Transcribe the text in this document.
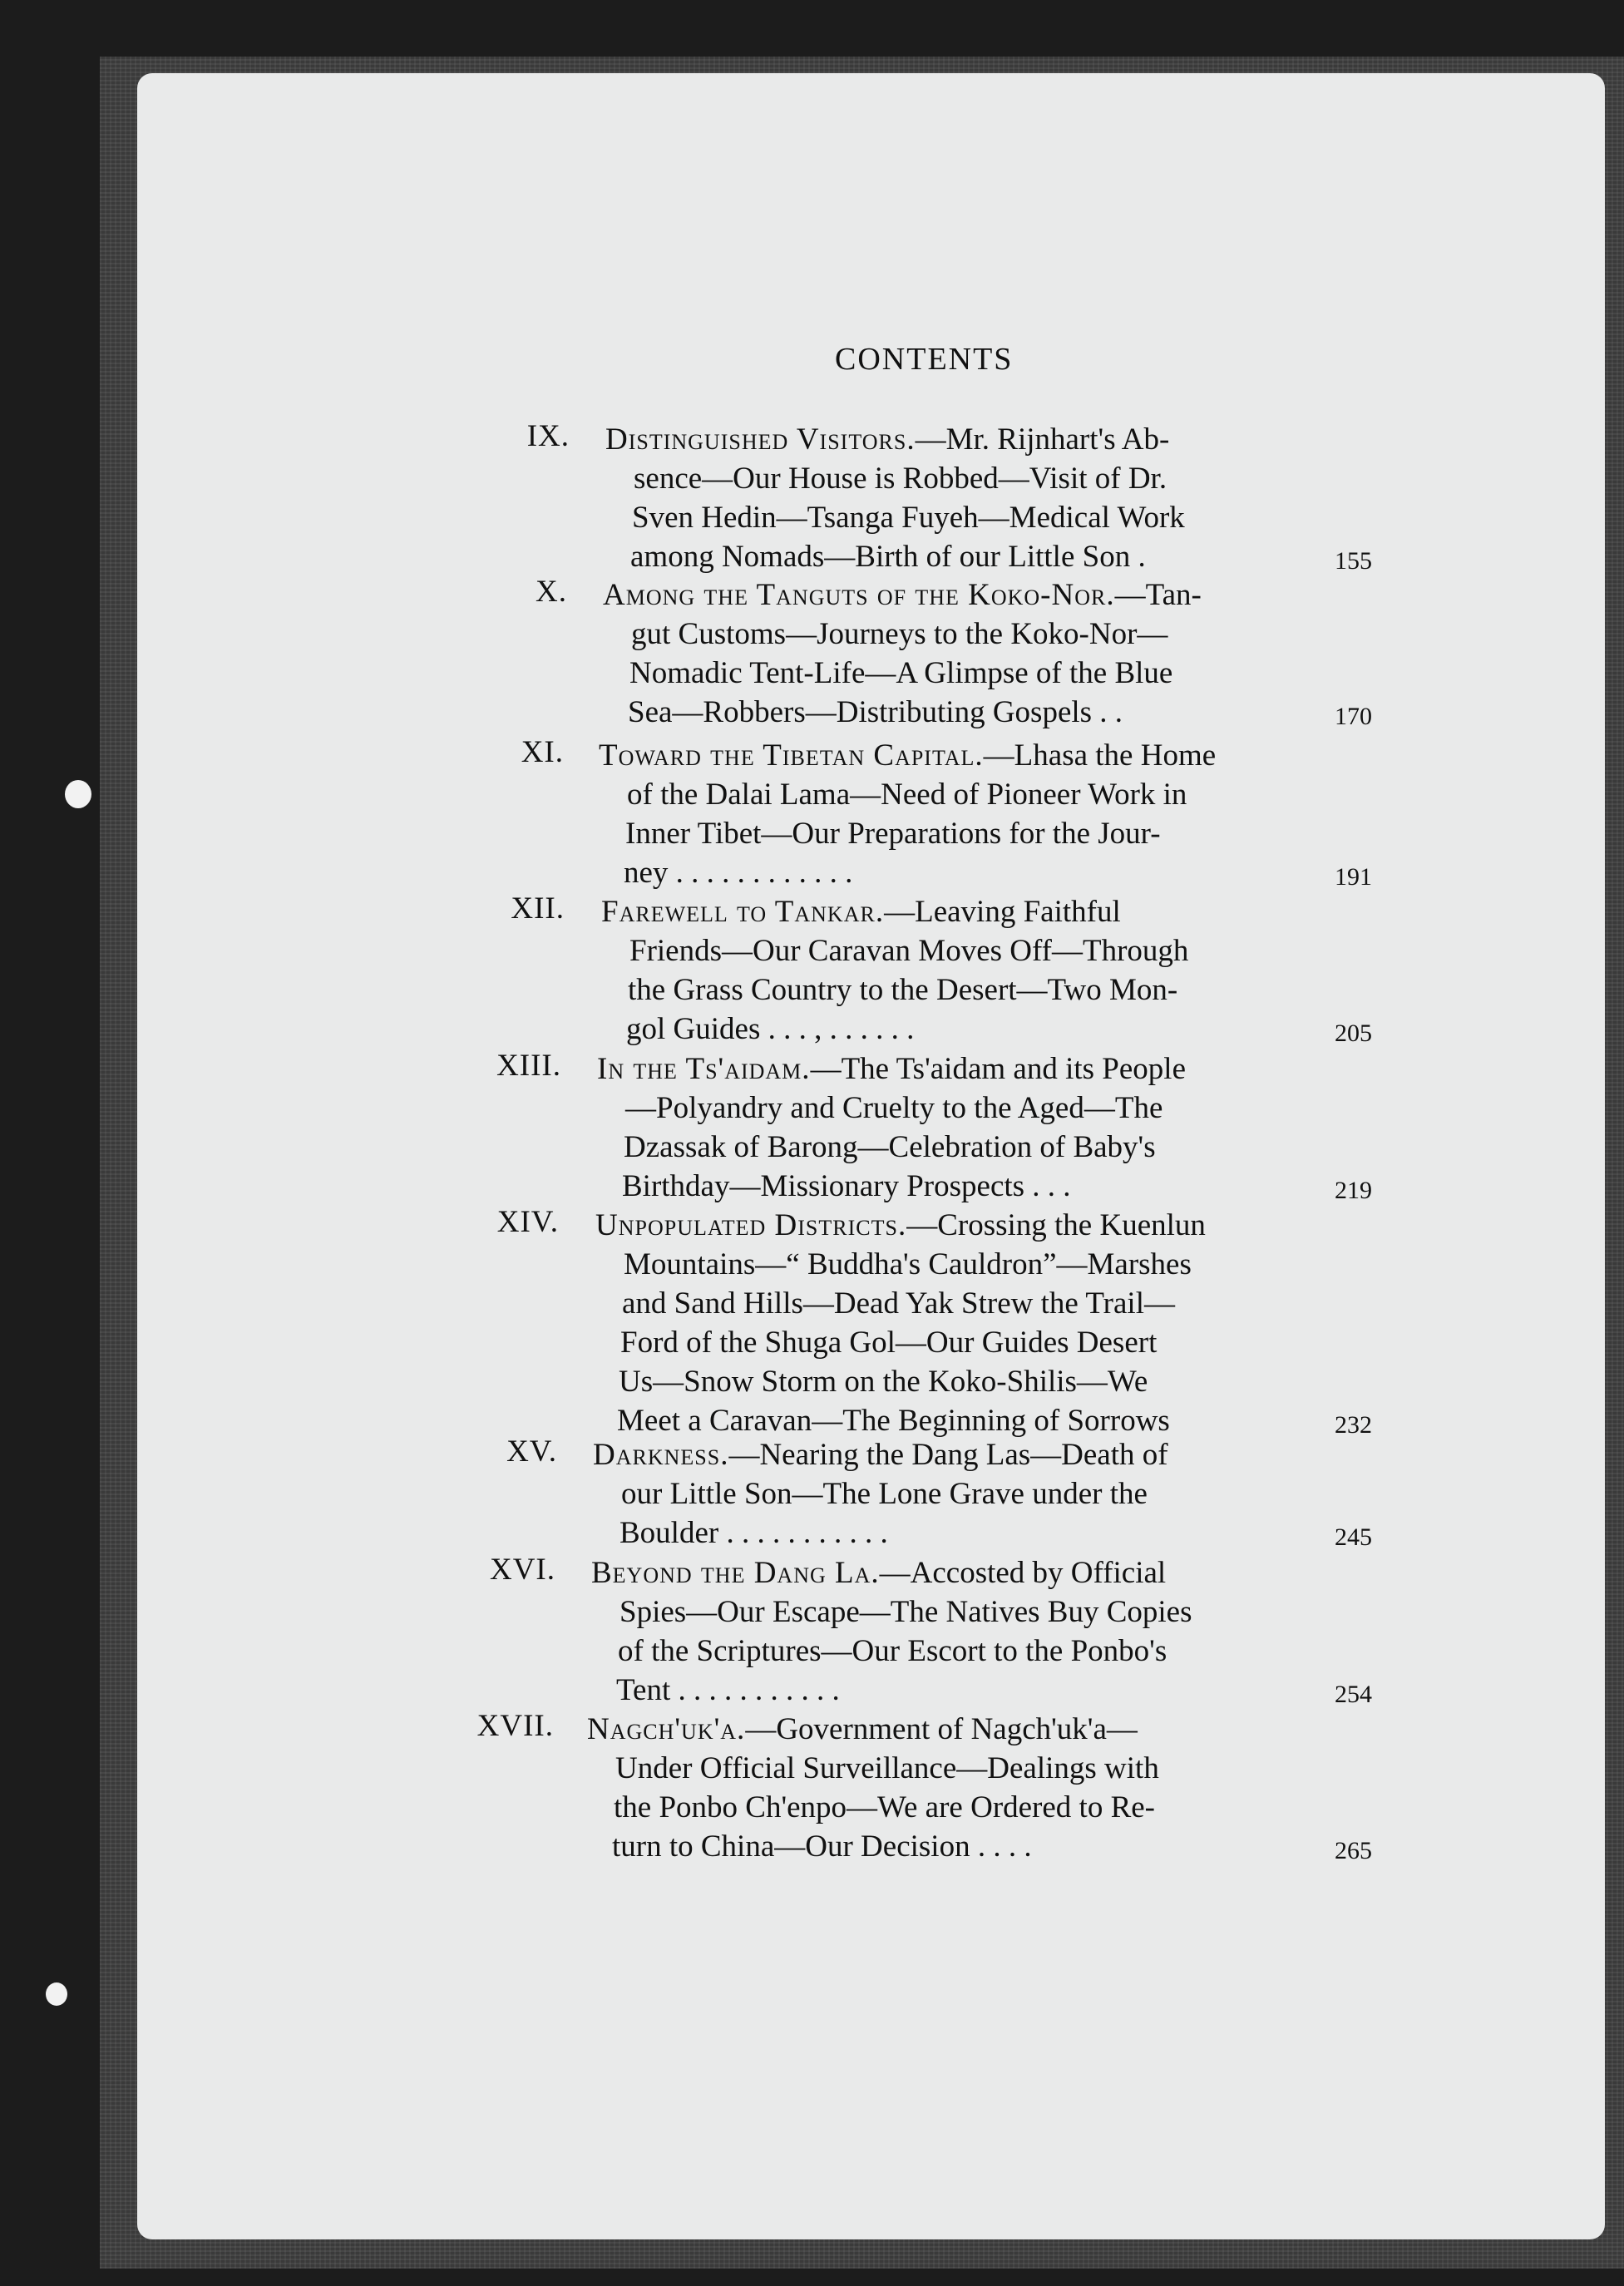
CONTENTS
IX. Distinguished Visitors.—Mr. Rijnhart's Ab-
sence—Our House is Robbed—Visit of Dr.
Sven Hedin—Tsanga Fuyeh—Medical Work
among Nomads—Birth of our Little Son .	155
X. Among the Tanguts of the Koko-Nor.—Tan-
gut Customs—Journeys to the Koko-Nor—
Nomadic Tent-Life—A Glimpse of the Blue
Sea—Robbers—Distributing Gospels . .	170
XI. Toward the Tibetan Capital.—Lhasa the Home
of the Dalai Lama—Need of Pioneer Work in
Inner Tibet—Our Preparations for the Jour-
ney . . . . . . . . . . . .	191
XII. Farewell to Tankar.—Leaving Faithful
Friends—Our Caravan Moves Off—Through
the Grass Country to the Desert—Two Mon-
gol Guides . . . , . . . . . .	205
XIII. In the Ts'aidam.—The Ts'aidam and its People
—Polyandry and Cruelty to the Aged—The
Dzassak of Barong—Celebration of Baby's
Birthday—Missionary Prospects . . .	219
XIV. Unpopulated Districts.—Crossing the Kuenlun
Mountains—“ Buddha's Cauldron”—Marshes
and Sand Hills—Dead Yak Strew the Trail—
Ford of the Shuga Gol—Our Guides Desert
Us—Snow Storm on the Koko-Shilis—We
Meet a Caravan—The Beginning of Sorrows	232
XV. Darkness.—Nearing the Dang Las—Death of
our Little Son—The Lone Grave under the
Boulder . . . . . . . . . . .	245
XVI. Beyond the Dang La.—Accosted by Official
Spies—Our Escape—The Natives Buy Copies
of the Scriptures—Our Escort to the Ponbo's
Tent . . . . . . . . . . .	254
XVII. Nagch'uk'a.—Government of Nagch'uk'a—
Under Official Surveillance—Dealings with
the Ponbo Ch'enpo—We are Ordered to Re-
turn to China—Our Decision . . . .	265
